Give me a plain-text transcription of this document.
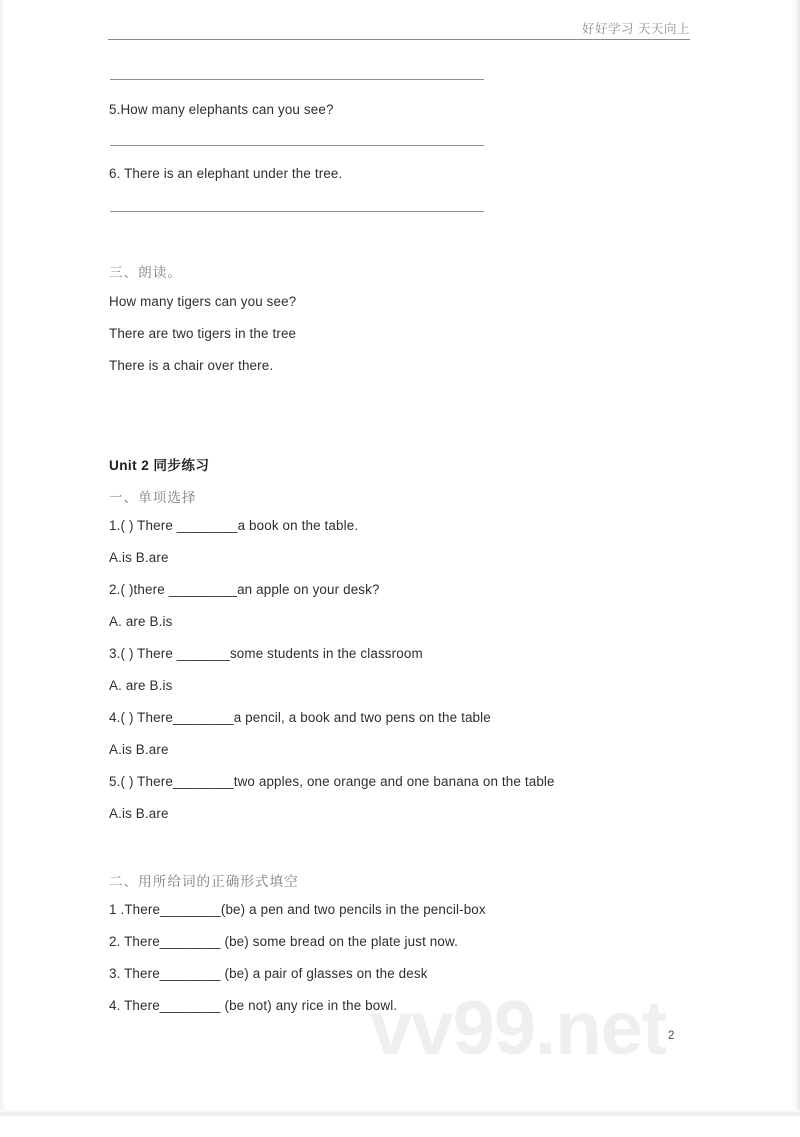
好好学习 天天向上
5.How many elephants can you see?
6. There is an elephant under the tree.
三、朗读。
How many tigers can you see?
There are two tigers in the tree
There is a chair over there.
Unit 2 同步练习
一、单项选择
1.( ) There ________a book on the table.
A.is B.are
2.( )there _________an apple on your desk?
A. are B.is
3.( ) There _______some students in the classroom
A. are B.is
4.( ) There________a pencil, a book and two pens on the table
A.is B.are
5.( ) There________two apples, one orange and one banana on the table
A.is B.are
二、用所给词的正确形式填空
1 .There________(be) a pen and two pencils in the pencil-box
2. There________ (be) some bread on the plate just now.
3. There________ (be) a pair of glasses on the desk
4. There________ (be not) any rice in the bowl.
vv99.net 2
